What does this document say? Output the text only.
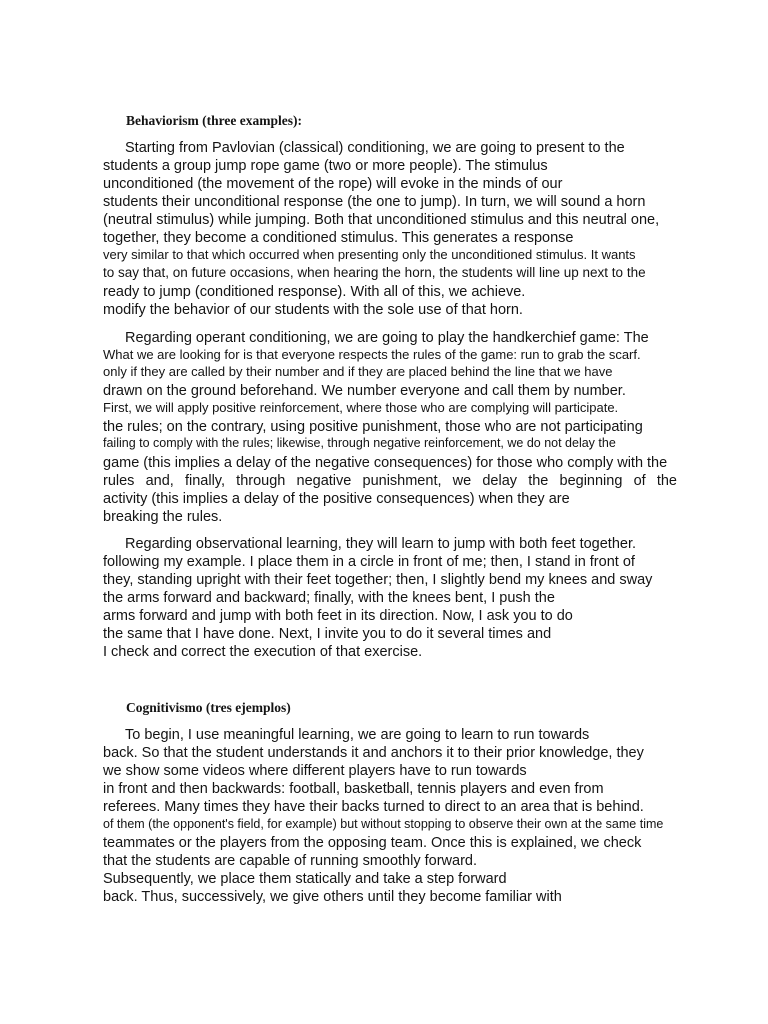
Behaviorism (three examples):
Starting from Pavlovian (classical) conditioning, we are going to present to the
students a group jump rope game (two or more people). The stimulus
unconditioned (the movement of the rope) will evoke in the minds of our
students their unconditional response (the one to jump). In turn, we will sound a horn
(neutral stimulus) while jumping. Both that unconditioned stimulus and this neutral one,
together, they become a conditioned stimulus. This generates a response
very similar to that which occurred when presenting only the unconditioned stimulus. It wants
to say that, on future occasions, when hearing the horn, the students will line up next to the
ready to jump (conditioned response). With all of this, we achieve.
modify the behavior of our students with the sole use of that horn.
Regarding operant conditioning, we are going to play the handkerchief game: The
What we are looking for is that everyone respects the rules of the game: run to grab the scarf.
only if they are called by their number and if they are placed behind the line that we have
drawn on the ground beforehand. We number everyone and call them by number.
First, we will apply positive reinforcement, where those who are complying will participate.
the rules; on the contrary, using positive punishment, those who are not participating
failing to comply with the rules; likewise, through negative reinforcement, we do not delay the
game (this implies a delay of the negative consequences) for those who comply with the
rules and, finally, through negative punishment, we delay the beginning of the
activity (this implies a delay of the positive consequences) when they are
breaking the rules.
Regarding observational learning, they will learn to jump with both feet together.
following my example. I place them in a circle in front of me; then, I stand in front of
they, standing upright with their feet together; then, I slightly bend my knees and sway
the arms forward and backward; finally, with the knees bent, I push the
arms forward and jump with both feet in its direction. Now, I ask you to do
the same that I have done. Next, I invite you to do it several times and
I check and correct the execution of that exercise.
Cognitivismo (tres ejemplos)
To begin, I use meaningful learning, we are going to learn to run towards
back. So that the student understands it and anchors it to their prior knowledge, they
we show some videos where different players have to run towards
in front and then backwards: football, basketball, tennis players and even from
referees. Many times they have their backs turned to direct to an area that is behind.
of them (the opponent's field, for example) but without stopping to observe their own at the same time
teammates or the players from the opposing team. Once this is explained, we check
that the students are capable of running smoothly forward.
Subsequently, we place them statically and take a step forward
back. Thus, successively, we give others until they become familiar with
